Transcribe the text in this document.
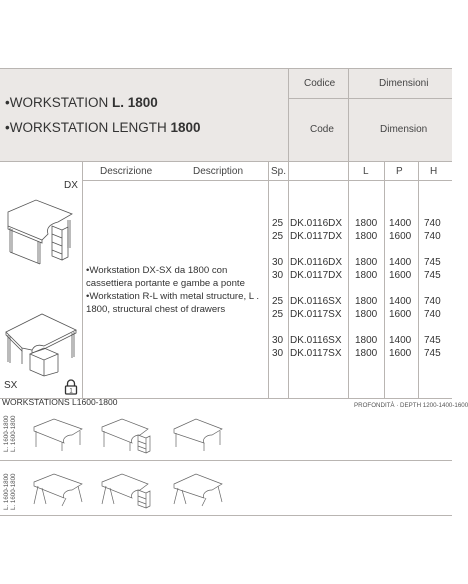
•WORKSTATION L. 1800
•WORKSTATION LENGTH 1800
Codice	Dimensioni
Code	Dimension
Descrizione	Description	Sp.	L	P	H
DX
SX
1
•Workstation DX-SX da 1800 con
cassettiera portante e gambe a ponte
•Workstation R-L with metal structure, L .
1800, structural chest of drawers
25 DK.0116DX 1800 1400 740
25 DK.0117DX 1800 1600 740
30 DK.0116DX 1800 1400 745
30 DK.0117DX 1800 1600 745
25 DK.0116SX 1800 1400 740
25 DK.0117SX 1800 1600 740
30 DK.0116SX 1800 1400 745
30 DK.0117SX 1800 1600 745
WORKSTATIONS L1600-1800	PROFONDITÀ · DEPTH 1200-1400-1600
L. 1600-1800 L. 1600-1800
L. 1600-1800 L. 1600-1800
